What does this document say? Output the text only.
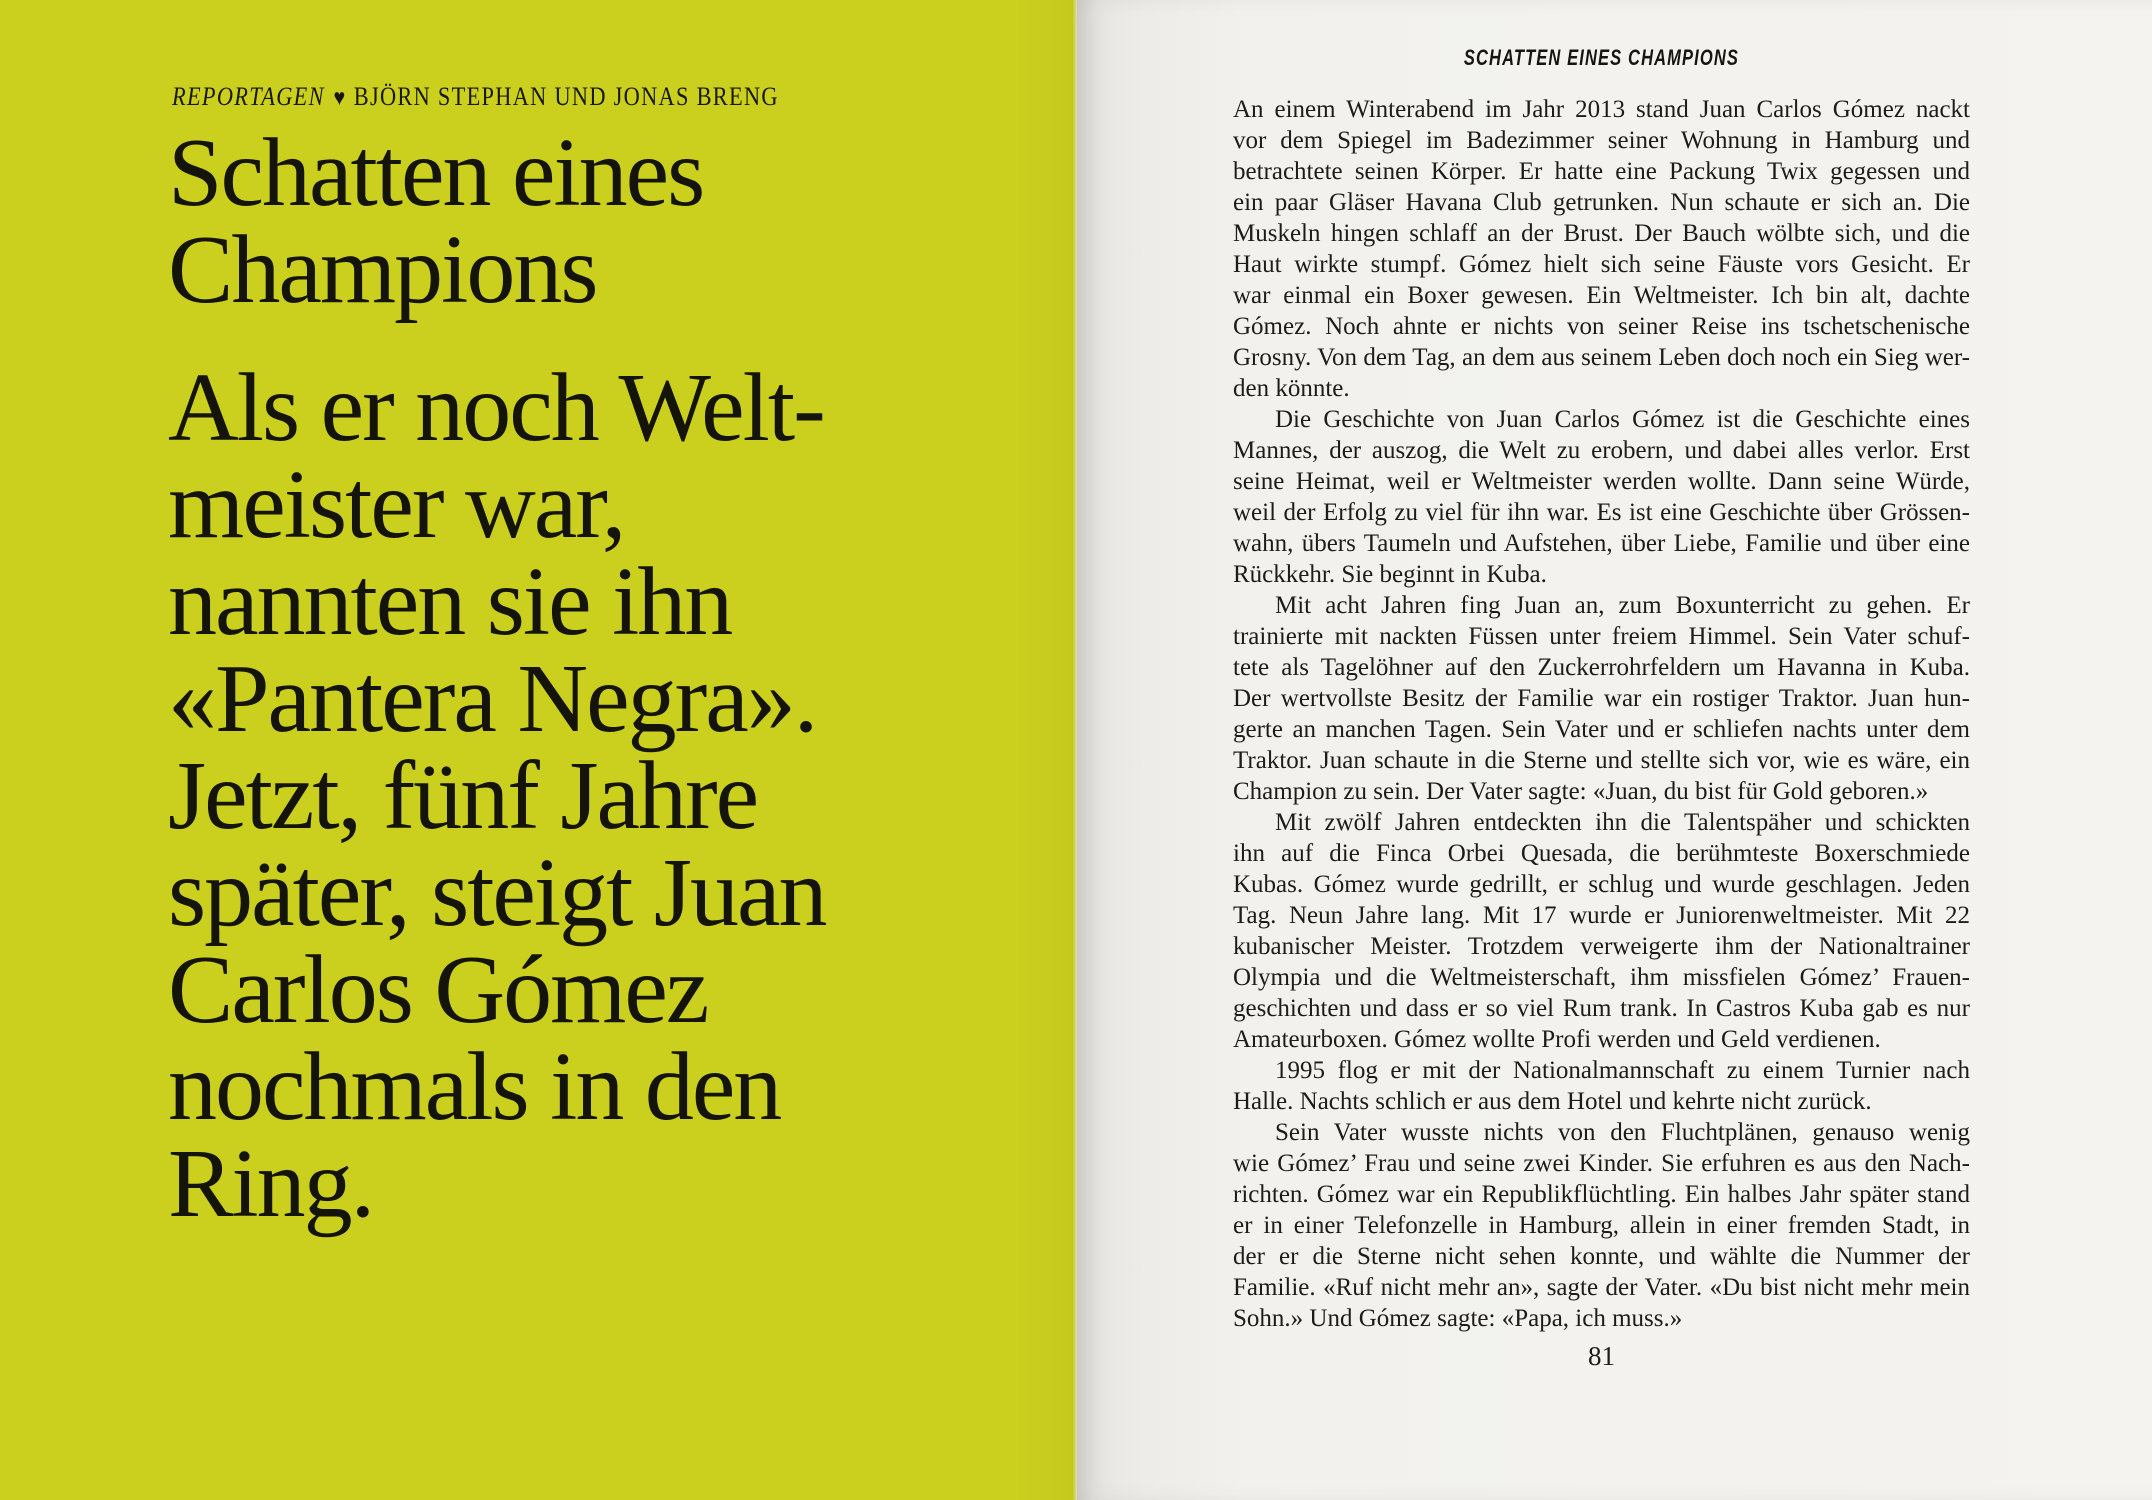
REPORTAGEN ♥ BJÖRN STEPHAN UND JONAS BRENG

Schatten eines
Champions

Als er noch Welt-
meister war,
nannten sie ihn
«Pantera Negra».
Jetzt, fünf Jahre
später, steigt Juan
Carlos Gómez
nochmals in den
Ring.

SCHATTEN EINES CHAMPIONS
An einem Winterabend im Jahr 2013 stand Juan Carlos Gómez nackt
vor dem Spiegel im Badezimmer seiner Wohnung in Hamburg und
betrachtete seinen Körper. Er hatte eine Packung Twix gegessen und
ein paar Gläser Havana Club getrunken. Nun schaute er sich an. Die
Muskeln hingen schlaff an der Brust. Der Bauch wölbte sich, und die
Haut wirkte stumpf. Gómez hielt sich seine Fäuste vors Gesicht. Er
war einmal ein Boxer gewesen. Ein Weltmeister. Ich bin alt, dachte
Gómez. Noch ahnte er nichts von seiner Reise ins tschetschenische
Grosny. Von dem Tag, an dem aus seinem Leben doch noch ein Sieg wer-
den könnte.
Die Geschichte von Juan Carlos Gómez ist die Geschichte eines
Mannes, der auszog, die Welt zu erobern, und dabei alles verlor. Erst
seine Heimat, weil er Weltmeister werden wollte. Dann seine Würde,
weil der Erfolg zu viel für ihn war. Es ist eine Geschichte über Grössen-
wahn, übers Taumeln und Aufstehen, über Liebe, Familie und über eine
Rückkehr. Sie beginnt in Kuba.
Mit acht Jahren fing Juan an, zum Boxunterricht zu gehen. Er
trainierte mit nackten Füssen unter freiem Himmel. Sein Vater schuf-
tete als Tagelöhner auf den Zuckerrohrfeldern um Havanna in Kuba.
Der wertvollste Besitz der Familie war ein rostiger Traktor. Juan hun-
gerte an manchen Tagen. Sein Vater und er schliefen nachts unter dem
Traktor. Juan schaute in die Sterne und stellte sich vor, wie es wäre, ein
Champion zu sein. Der Vater sagte: «Juan, du bist für Gold geboren.»
Mit zwölf Jahren entdeckten ihn die Talentspäher und schickten
ihn auf die Finca Orbei Quesada, die berühmteste Boxerschmiede
Kubas. Gómez wurde gedrillt, er schlug und wurde geschlagen. Jeden
Tag. Neun Jahre lang. Mit 17 wurde er Juniorenweltmeister. Mit 22
kubanischer Meister. Trotzdem verweigerte ihm der Nationaltrainer
Olympia und die Weltmeisterschaft, ihm missfielen Gómez’ Frauen-
geschichten und dass er so viel Rum trank. In Castros Kuba gab es nur
Amateurboxen. Gómez wollte Profi werden und Geld verdienen.
1995 flog er mit der Nationalmannschaft zu einem Turnier nach
Halle. Nachts schlich er aus dem Hotel und kehrte nicht zurück.
Sein Vater wusste nichts von den Fluchtplänen, genauso wenig
wie Gómez’ Frau und seine zwei Kinder. Sie erfuhren es aus den Nach-
richten. Gómez war ein Republikflüchtling. Ein halbes Jahr später stand
er in einer Telefonzelle in Hamburg, allein in einer fremden Stadt, in
der er die Sterne nicht sehen konnte, und wählte die Nummer der
Familie. «Ruf nicht mehr an», sagte der Vater. «Du bist nicht mehr mein
Sohn.» Und Gómez sagte: «Papa, ich muss.»
81
